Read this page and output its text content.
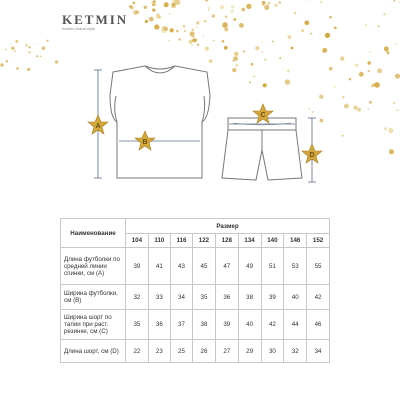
KETMIN
Ketmin brand style
A
B
C
D
Наименование	Размер								
	104	110	116	122	128	134	140	146	152
Длина футболки по средней линии спинки, см (A)	39	41	43	45	47	49	51	53	55
Ширина футболки, см (B)	32	33	34	35	36	38	39	40	42
Ширина шорт по талии при раст. резинке, см (C)	35	36	37	38	39	40	42	44	46
Длина шорт, см (D)	22	23	25	26	27	29	30	32	34
